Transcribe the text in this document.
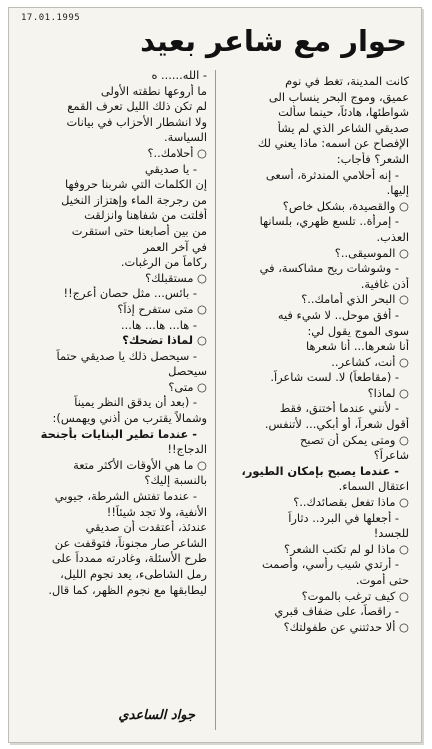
17.01.1995
حوار مع شاعر بعيد
كانت المدينة، تغط في نوم
عميق، وموج البحر ينساب الى
شواطئها، هادئاً، حينما سألت
صديقي الشاعر الذي لم يشأ
الإفصاح عن اسمه: ماذا يعني لك
الشعر؟ فأجاب:
- إنه أحلامي المندثرة، أسعى
إليها.
○ والقصيدة، بشكل خاص؟
- إمرأة.. تلسع ظهري، بلسانها
العذب.
○ الموسيقى..؟
- وشوشات ريح مشاكسة، في
أذن غافية.
○ البحر الذي أمامك..؟
- أفق موحل.. لا شيء فيه
سوى الموج يقول لي:
أنا شعرها... أنا شعرها
○ أنت، كشاعر..
- (مقاطعاً) لا. لست شاعراً.
○ لماذا؟
- لأنني عندما أختنق، فقط
أقول شعراً، أو أبكي... لأتنفس.
○ ومتى يمكن أن تصبح
شاعراً؟
- عندما يصبح بإمكان الطيور،
اعتقال السماء.
○ ماذا تفعل بقصائدك..؟
- أجعلها في البرد.. دثاراً
للجسد!
○ ماذا لو لم تكتب الشعر؟
- أرتدي شيب رأسي، وأصمت
حتى أموت.
○ كيف ترغب بالموت؟
- راقصاً، على ضفاف قبري
○ ألا حدثتني عن طفولتك؟
- الله...... ه
ما أروعها نطقته الأولى
لم تكن ذلك الليل تعرف القمع
ولا انشطار الأحزاب في بيانات
السياسة.
○ أحلامك..؟
- يا صديقي
إن الكلمات التي شربنا حروفها
من رجرجة الماء وإهتزاز النخيل
أفلتت من شفاهنا وانزلقت
من بين أصابعنا حتى استقرت
في آخر العمر
ركاماً من الرغبات.
○ مستقبلك؟
- بائس... مثل حصان أعرج!!
○ متى ستفرح إذاً؟
- ها... ها... ها...
○ لماذا تضحك؟
- سيحصل ذلك يا صديقي حتماً
سيحصل
○ متى؟
- (بعد أن يدقق النظر يميناً
وشمالاً يقترب من أذني ويهمس):
- عندما تطير البنايات بأجنحة
الدجاج!!
○ ما هي الأوقات الأكثر متعة
بالنسبة إليك؟
- عندما تفتش الشرطة، جيوبي
الأنفية، ولا تجد شيئاً!!
عندئذ، أعتقدت أن صديقي
الشاعر صار مجنوناً، فتوقفت عن
طرح الأسئلة، وغادرته ممدداً على
رمل الشاطىء، يعد نجوم الليل،
ليطابقها مع نجوم الظهر، كما قال.
جواد الساعدي
